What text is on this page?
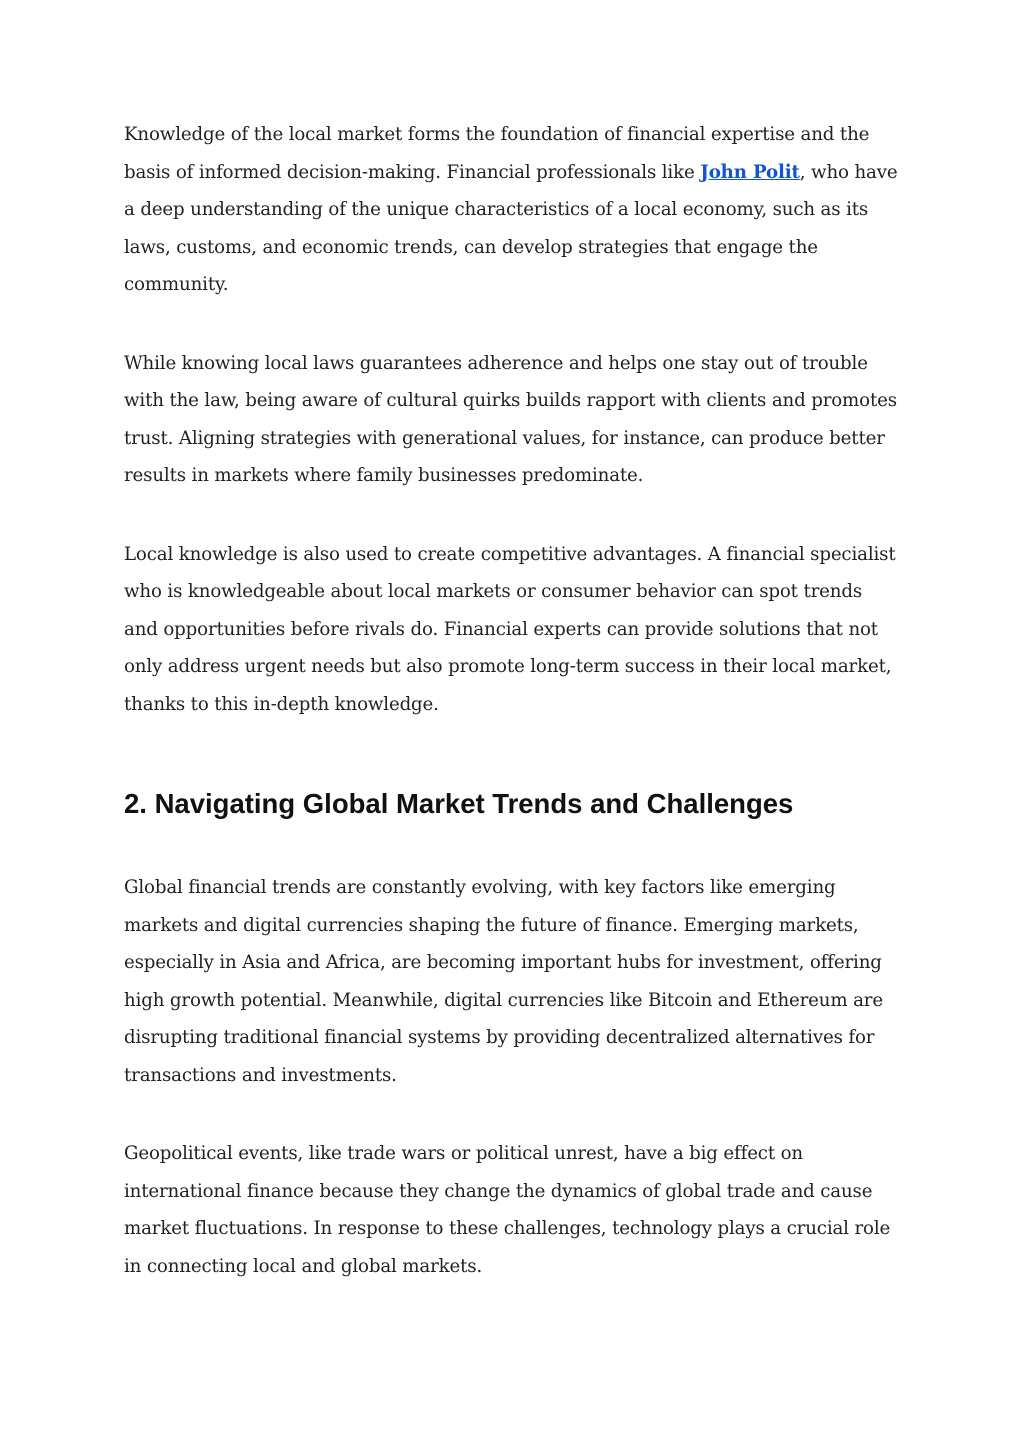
Knowledge of the local market forms the foundation of financial expertise and the basis of informed decision-making. Financial professionals like John Polit, who have a deep understanding of the unique characteristics of a local economy, such as its laws, customs, and economic trends, can develop strategies that engage the community.

While knowing local laws guarantees adherence and helps one stay out of trouble with the law, being aware of cultural quirks builds rapport with clients and promotes trust. Aligning strategies with generational values, for instance, can produce better results in markets where family businesses predominate.

Local knowledge is also used to create competitive advantages. A financial specialist who is knowledgeable about local markets or consumer behavior can spot trends and opportunities before rivals do. Financial experts can provide solutions that not only address urgent needs but also promote long-term success in their local market, thanks to this in-depth knowledge.

2. Navigating Global Market Trends and Challenges

Global financial trends are constantly evolving, with key factors like emerging markets and digital currencies shaping the future of finance. Emerging markets, especially in Asia and Africa, are becoming important hubs for investment, offering high growth potential. Meanwhile, digital currencies like Bitcoin and Ethereum are disrupting traditional financial systems by providing decentralized alternatives for transactions and investments.

Geopolitical events, like trade wars or political unrest, have a big effect on international finance because they change the dynamics of global trade and cause market fluctuations. In response to these challenges, technology plays a crucial role in connecting local and global markets.
